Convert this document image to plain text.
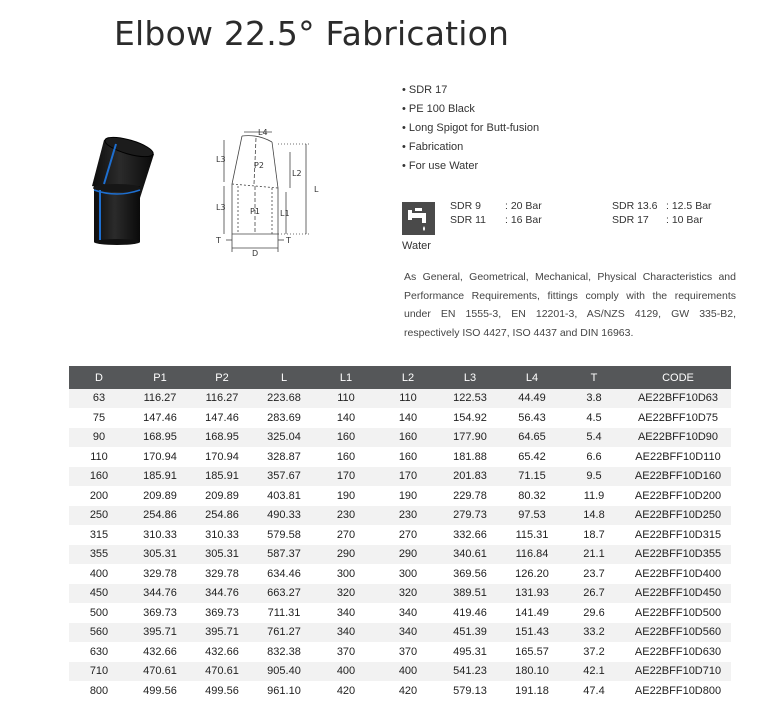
Elbow 22.5° Fabrication
L4
L3
P2
L2
L
L3	P1	L1
T	T
D
• SDR 17
• PE 100 Black
• Long Spigot for Butt-fusion
• Fabrication
• For use Water
Water
SDR 9 : 20 Bar
SDR 11 : 16 Bar
SDR 13.6 : 12.5 Bar
SDR 17 : 10 Bar
As General, Geometrical, Mechanical, Physical Characteristics and Performance Requirements, fittings comply with the requirements under EN 1555-3, EN 12201-3, AS/NZS 4129, GW 335-B2, respectively ISO 4427, ISO 4437 and DIN 16963.
D	P1	P2	L	L1	L2	L3	L4	T	CODE
63	116.27	116.27	223.68	110	110	122.53	44.49	3.8	AE22BFF10D63
75	147.46	147.46	283.69	140	140	154.92	56.43	4.5	AE22BFF10D75
90	168.95	168.95	325.04	160	160	177.90	64.65	5.4	AE22BFF10D90
110	170.94	170.94	328.87	160	160	181.88	65.42	6.6	AE22BFF10D110
160	185.91	185.91	357.67	170	170	201.83	71.15	9.5	AE22BFF10D160
200	209.89	209.89	403.81	190	190	229.78	80.32	11.9	AE22BFF10D200
250	254.86	254.86	490.33	230	230	279.73	97.53	14.8	AE22BFF10D250
315	310.33	310.33	579.58	270	270	332.66	115.31	18.7	AE22BFF10D315
355	305.31	305.31	587.37	290	290	340.61	116.84	21.1	AE22BFF10D355
400	329.78	329.78	634.46	300	300	369.56	126.20	23.7	AE22BFF10D400
450	344.76	344.76	663.27	320	320	389.51	131.93	26.7	AE22BFF10D450
500	369.73	369.73	711.31	340	340	419.46	141.49	29.6	AE22BFF10D500
560	395.71	395.71	761.27	340	340	451.39	151.43	33.2	AE22BFF10D560
630	432.66	432.66	832.38	370	370	495.31	165.57	37.2	AE22BFF10D630
710	470.61	470.61	905.40	400	400	541.23	180.10	42.1	AE22BFF10D710
800	499.56	499.56	961.10	420	420	579.13	191.18	47.4	AE22BFF10D800
